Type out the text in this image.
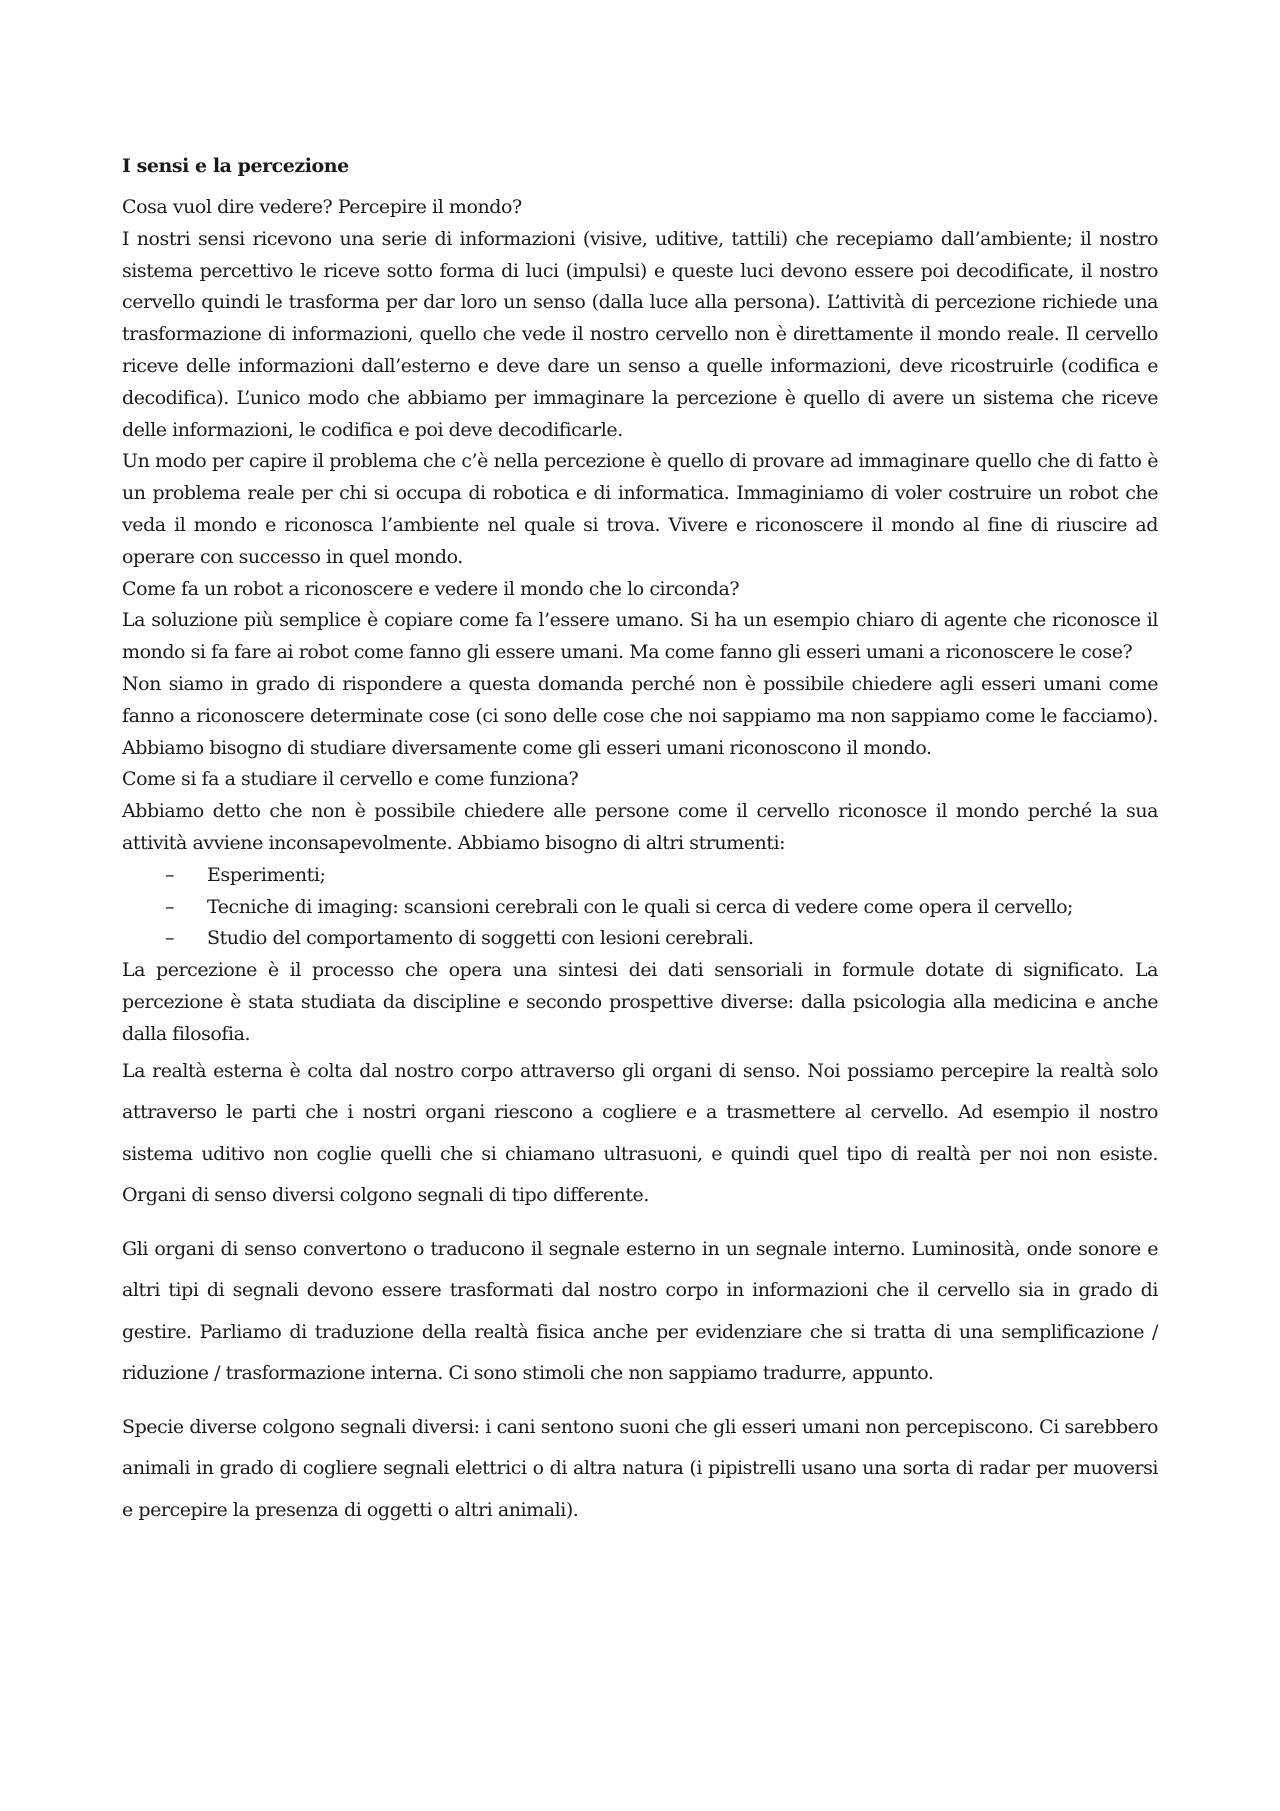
I sensi e la percezione

Cosa vuol dire vedere? Percepire il mondo?

I nostri sensi ricevono una serie di informazioni (visive, uditive, tattili) che recepiamo dall’ambiente; il nostro sistema percettivo le riceve sotto forma di luci (impulsi) e queste luci devono essere poi decodificate, il nostro cervello quindi le trasforma per dar loro un senso (dalla luce alla persona). L’attività di percezione richiede una trasformazione di informazioni, quello che vede il nostro cervello non è direttamente il mondo reale. Il cervello riceve delle informazioni dall’esterno e deve dare un senso a quelle informazioni, deve ricostruirle (codifica e decodifica). L’unico modo che abbiamo per immaginare la percezione è quello di avere un sistema che riceve delle informazioni, le codifica e poi deve decodificarle.

Un modo per capire il problema che c’è nella percezione è quello di provare ad immaginare quello che di fatto è un problema reale per chi si occupa di robotica e di informatica. Immaginiamo di voler costruire un robot che veda il mondo e riconosca l’ambiente nel quale si trova. Vivere e riconoscere il mondo al fine di riuscire ad operare con successo in quel mondo.

Come fa un robot a riconoscere e vedere il mondo che lo circonda?

La soluzione più semplice è copiare come fa l’essere umano. Si ha un esempio chiaro di agente che riconosce il mondo si fa fare ai robot come fanno gli essere umani. Ma come fanno gli esseri umani a riconoscere le cose?

Non siamo in grado di rispondere a questa domanda perché non è possibile chiedere agli esseri umani come fanno a riconoscere determinate cose (ci sono delle cose che noi sappiamo ma non sappiamo come le facciamo). Abbiamo bisogno di studiare diversamente come gli esseri umani riconoscono il mondo.

Come si fa a studiare il cervello e come funziona?

Abbiamo detto che non è possibile chiedere alle persone come il cervello riconosce il mondo perché la sua attività avviene inconsapevolmente. Abbiamo bisogno di altri strumenti:

– Esperimenti;
– Tecniche di imaging: scansioni cerebrali con le quali si cerca di vedere come opera il cervello;
– Studio del comportamento di soggetti con lesioni cerebrali.

La percezione è il processo che opera una sintesi dei dati sensoriali in formule dotate di significato. La percezione è stata studiata da discipline e secondo prospettive diverse: dalla psicologia alla medicina e anche dalla filosofia.

La realtà esterna è colta dal nostro corpo attraverso gli organi di senso. Noi possiamo percepire la realtà solo attraverso le parti che i nostri organi riescono a cogliere e a trasmettere al cervello. Ad esempio il nostro sistema uditivo non coglie quelli che si chiamano ultrasuoni, e quindi quel tipo di realtà per noi non esiste. Organi di senso diversi colgono segnali di tipo differente.

Gli organi di senso convertono o traducono il segnale esterno in un segnale interno. Luminosità, onde sonore e altri tipi di segnali devono essere trasformati dal nostro corpo in informazioni che il cervello sia in grado di gestire. Parliamo di traduzione della realtà fisica anche per evidenziare che si tratta di una semplificazione / riduzione / trasformazione interna. Ci sono stimoli che non sappiamo tradurre, appunto.

Specie diverse colgono segnali diversi: i cani sentono suoni che gli esseri umani non percepiscono. Ci sarebbero animali in grado di cogliere segnali elettrici o di altra natura (i pipistrelli usano una sorta di radar per muoversi e percepire la presenza di oggetti o altri animali).
